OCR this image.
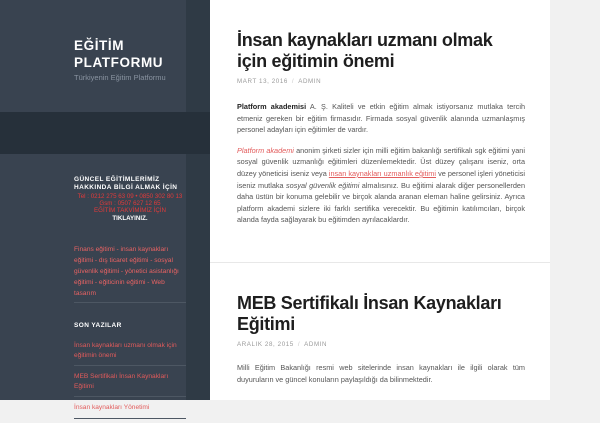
EĞİTİM PLATFORMU
Türkiyenin Eğitim Platformu
GÜNCEL EĞİTİMLERİMİZ HAKKINDA BİLGİ ALMAK İÇİN
Tel : 0212 275 63 09 • 0850 302 80 13
Gsm : 0507 627 12 65
EĞİTİM TAKVİMİMİZ İÇİN
TIKLAYINIZ.
Finans eğitimi - insan kaynakları eğitimi - dış ticaret eğitimi - sosyal güvenlik eğitimi - yönetici asistanlığı eğitimi - eğiticinin eğitimi - Web tasarım
SON YAZILAR
İnsan kaynakları uzmanı olmak için eğitimin önemi
MEB Sertifikalı İnsan Kaynakları Eğitimi
İnsan kaynakları Yönetimi
İnsan kaynakları uzmanı olmak için eğitimin önemi
MART 13, 2016 / ADMIN

Platform akademisi A. Ş. Kaliteli ve etkin eğitim almak istiyorsanız mutlaka tercih etmeniz gereken bir eğitim firmasıdır. Firmada sosyal güvenlik alanında uzmanlaşmış personel adayları için eğitimler de vardır.

Platform akademi anonim şirketi sizler için milli eğitim bakanlığı sertifikalı sgk eğitimi yani sosyal güvenlik uzmanlığı eğitimleri düzenlemektedir. Üst düzey çalışanı iseniz, orta düzey yöneticisi iseniz veya insan kaynakları uzmanlık eğitimi ve personel işleri yöneticisi iseniz mutlaka sosyal güvenlik eğitimi almalısınız. Bu eğitimi alarak diğer personellerden daha üstün bir konuma gelebilir ve birçok alanda aranan eleman haline gelirsiniz. Ayrıca platform akademi sizlere iki farklı sertifika verecektir. Bu eğitimin katılımcıları, birçok alanda fayda sağlayarak bu eğitimden ayrılacaklardır.

MEB Sertifikalı İnsan Kaynakları Eğitimi
ARALIK 28, 2015 / ADMIN

Milli Eğitim Bakanlığı resmi web sitelerinde insan kaynakları ile ilgili olarak tüm duyuruların ve güncel konuların paylaşıldığı da bilinmektedir.
